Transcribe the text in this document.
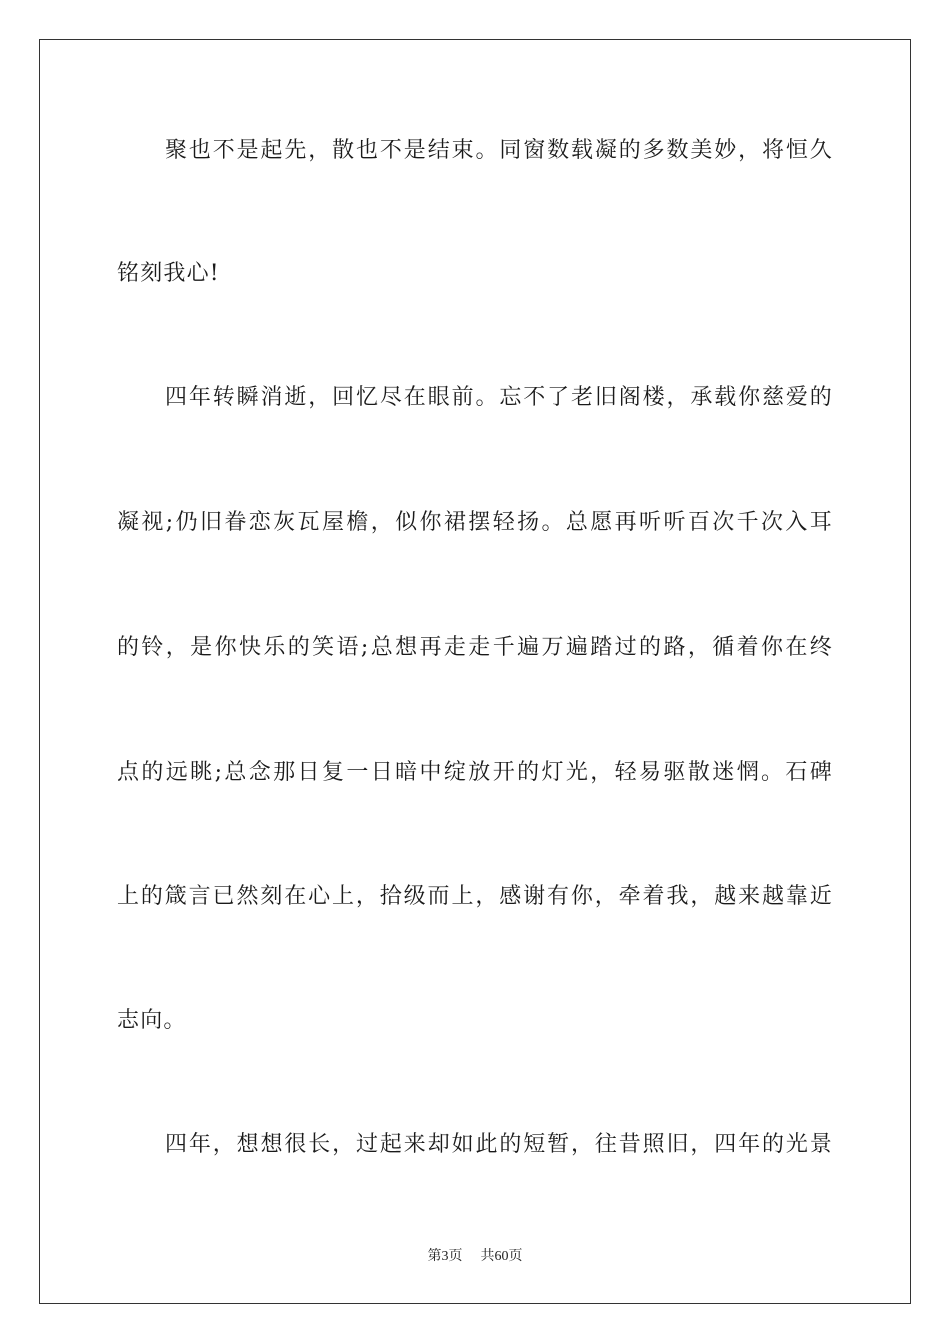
聚也不是起先，散也不是结束。同窗数载凝的多数美妙，将恒久
铭刻我心!
四年转瞬消逝，回忆尽在眼前。忘不了老旧阁楼，承载你慈爱的
凝视;仍旧眷恋灰瓦屋檐，似你裙摆轻扬。总愿再听听百次千次入耳
的铃，是你快乐的笑语;总想再走走千遍万遍踏过的路，循着你在终
点的远眺;总念那日复一日暗中绽放开的灯光，轻易驱散迷惘。石碑
上的箴言已然刻在心上，拾级而上，感谢有你，牵着我，越来越靠近
志向。
四年，想想很长，过起来却如此的短暂，往昔照旧，四年的光景
第3页 共60页
